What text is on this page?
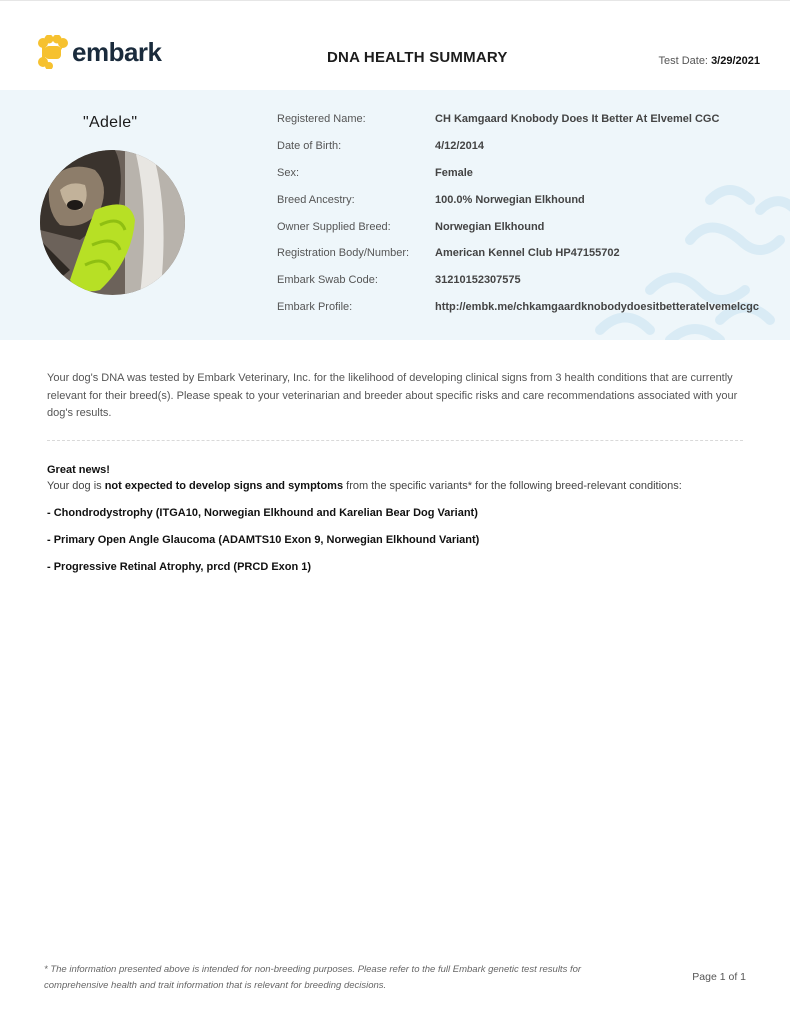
embark	DNA HEALTH SUMMARY	Test Date: 3/29/2021
"Adele"	Registered Name:	CH Kamgaard Knobody Does It Better At Elvemel CGC
Date of Birth:	4/12/2014
Sex:	Female
Breed Ancestry:	100.0% Norwegian Elkhound
Owner Supplied Breed:	Norwegian Elkhound
Registration Body/Number: American Kennel Club HP47155702
Embark Swab Code:	31210152307575
Embark Profile:	http://embk.me/chkamgaardknobodydoesitbetteratelvemelcgc
Your dog's DNA was tested by Embark Veterinary, Inc. for the likelihood of developing clinical signs from 3 health conditions that are currently relevant for their breed(s). Please speak to your veterinarian and breeder about specific risks and care recommendations associated with your dog's results.
Great news!
Your dog is not expected to develop signs and symptoms from the specific variants* for the following breed-relevant conditions:
- Chondrodystrophy (ITGA10, Norwegian Elkhound and Karelian Bear Dog Variant)
- Primary Open Angle Glaucoma (ADAMTS10 Exon 9, Norwegian Elkhound Variant)
- Progressive Retinal Atrophy, prcd (PRCD Exon 1)
* The information presented above is intended for non-breeding purposes. Please refer to the full Embark genetic test results for comprehensive health and trait information that is relevant for breeding decisions.
Page 1 of 1
